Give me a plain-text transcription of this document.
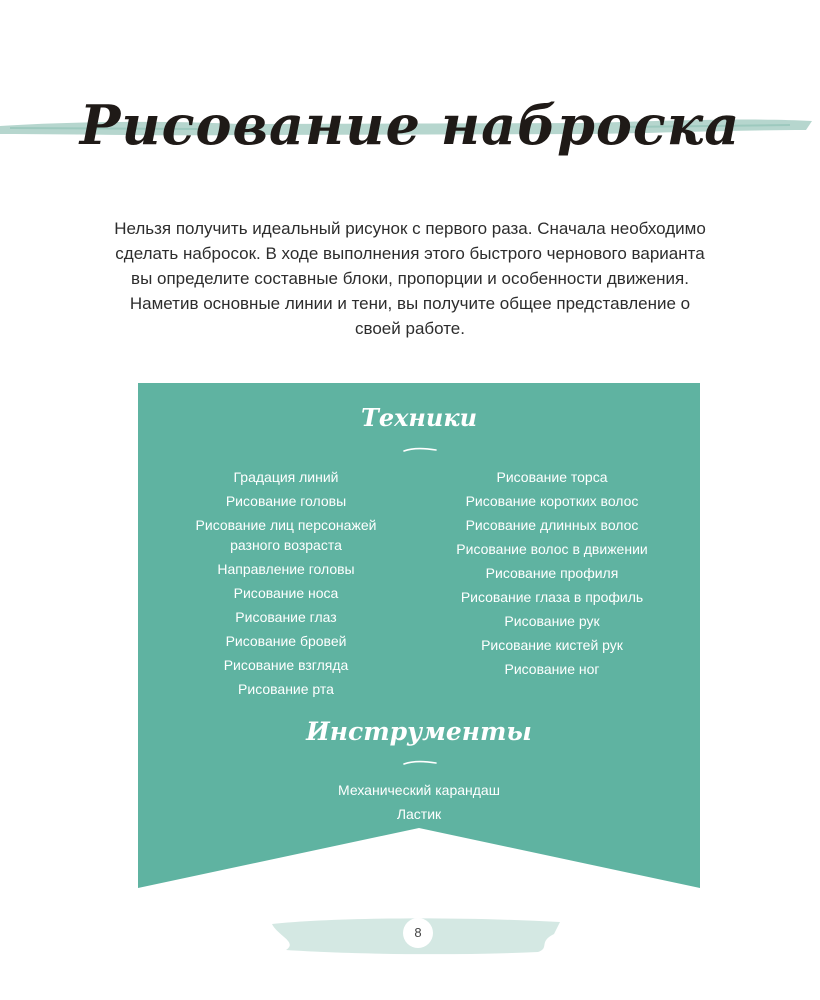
Рисование наброска

Нельзя получить идеальный рисунок с первого раза. Сначала необходимо сделать набросок. В ходе выполнения этого быстрого чернового варианта вы определите составные блоки, пропорции и особенности движения. Наметив основные линии и тени, вы получите общее представление о своей работе.

Техники
Градация линий
Рисование головы
Рисование лиц персонажей разного возраста
Направление головы
Рисование носа
Рисование глаз
Рисование бровей
Рисование взгляда
Рисование рта
Рисование торса
Рисование коротких волос
Рисование длинных волос
Рисование волос в движении
Рисование профиля
Рисование глаза в профиль
Рисование рук
Рисование кистей рук
Рисование ног
Инструменты
Механический карандаш
Ластик
8
